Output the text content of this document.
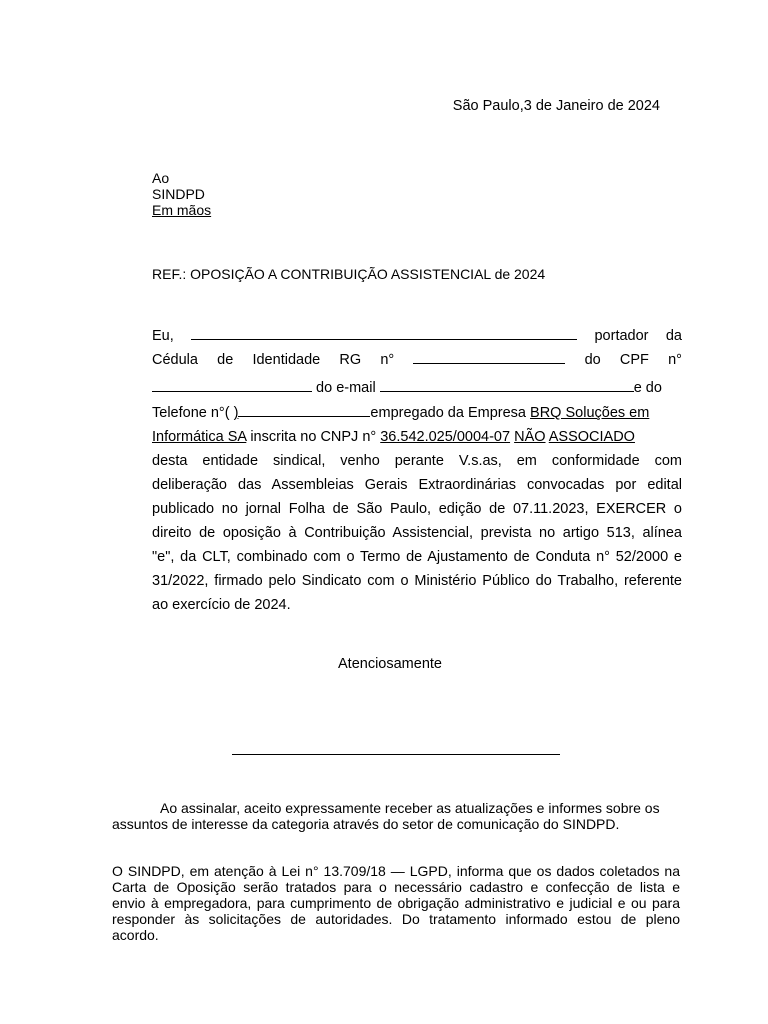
São Paulo,3 de Janeiro de 2024
Ao
SINDPD
Em mãos
REF.: OPOSIÇÃO A CONTRIBUIÇÃO ASSISTENCIAL de 2024
Eu,	portador da
Cédula de Identidade RG n°	do CPF n°
do e-mail	e do
Telefone n°( )	empregado da Empresa BRQ Soluções em
Informática SA inscrita no CNPJ n° 36.542.025/0004-07 NÃO ASSOCIADO
desta entidade sindical, venho perante V.s.as, em conformidade com
deliberação das Assembleias Gerais Extraordinárias convocadas por edital
publicado no jornal Folha de São Paulo, edição de 07.11.2023, EXERCER o
direito de oposição à Contribuição Assistencial, prevista no artigo 513, alínea
"e", da CLT, combinado com o Termo de Ajustamento de Conduta n° 52/2000 e
31/2022, firmado pelo Sindicato com o Ministério Público do Trabalho, referente
ao exercício de 2024.
Atenciosamente

Ao assinalar, aceito expressamente receber as atualizações e informes sobre os

assuntos de interesse da categoria através do setor de comunicação do SINDPD.

O SINDPD, em atenção à Lei n° 13.709/18 — LGPD, informa que os dados coletados na
Carta de Oposição serão tratados para o necessário cadastro e confecção de lista e
envio à empregadora, para cumprimento de obrigação administrativo e judicial e ou para
responder às solicitações de autoridades. Do tratamento informado estou de pleno
acordo.
